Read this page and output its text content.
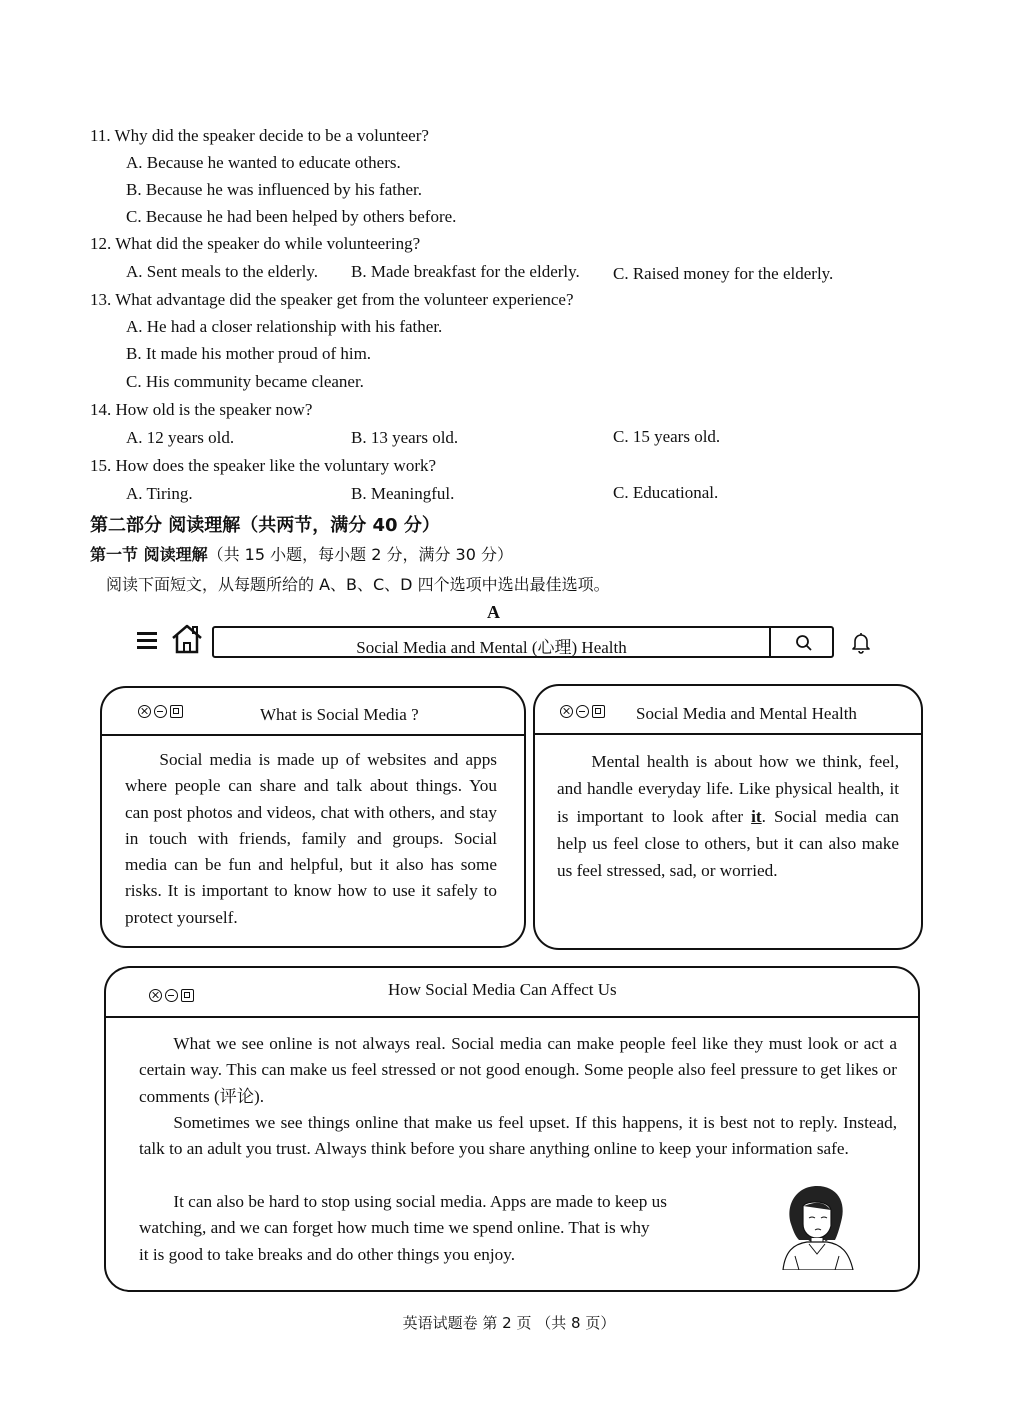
11. Why did the speaker decide to be a volunteer?
A. Because he wanted to educate others.
B. Because he was influenced by his father.
C. Because he had been helped by others before.
12. What did the speaker do while volunteering?
A. Sent meals to the elderly. B. Made breakfast for the elderly. C. Raised money for the elderly.
13. What advantage did the speaker get from the volunteer experience?
A. He had a closer relationship with his father.
B. It made his mother proud of him.
C. His community became cleaner.
14. How old is the speaker now?
A. 12 years old.	B. 13 years old.	C. 15 years old.
15. How does the speaker like the voluntary work?
A. Tiring.	B. Meaningful.	C. Educational.
第二部分 阅读理解（共两节，满分 40 分）
第一节 阅读理解（共 15 小题，每小题 2 分，满分 30 分）
阅读下面短文，从每题所给的 A、B、C、D 四个选项中选出最佳选项。
A
Social Media and Mental (心理) Health
What is Social Media ?

Social media is made up of websites and apps where people can share and talk about things. You can post photos and videos, chat with others, and stay in touch with friends, family and groups. Social media can be fun and helpful, but it also has some risks. It is important to know how to use it safely to protect yourself.

Social Media and Mental Health

Mental health is about how we think, feel, and handle everyday life. Like physical health, it is important to look after it. Social media can help us feel close to others, but it can also make us feel stressed, sad, or worried.

How Social Media Can Affect Us

What we see online is not always real. Social media can make people feel like they must look or act a certain way. This can make us feel stressed or not good enough. Some people also feel pressure to get likes or comments (评论).

Sometimes we see things online that make us feel upset. If this happens, it is best not to reply. Instead, talk to an adult you trust. Always think before you share anything online to keep your information safe.

It can also be hard to stop using social media. Apps are made to keep us
watching, and we can forget how much time we spend online. That is why
it is good to take breaks and do other things you enjoy.
英语试题卷 第 2 页 （共 8 页）
